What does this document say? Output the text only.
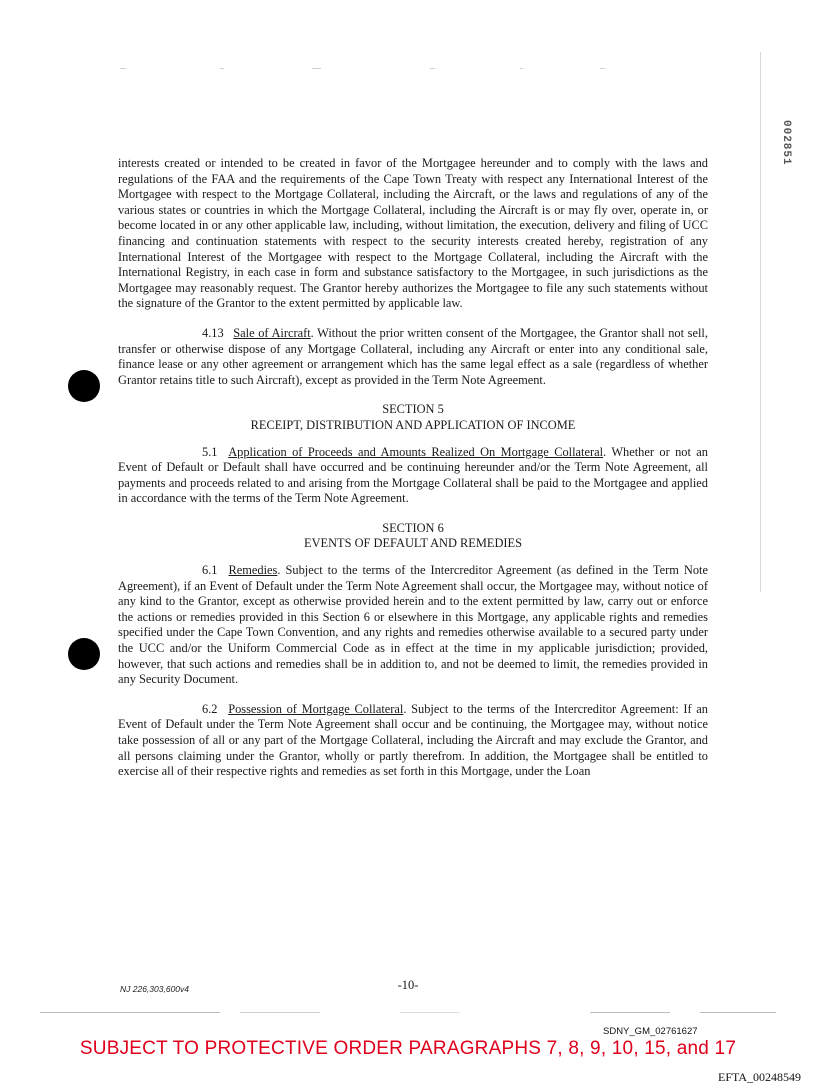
002851

interests created or intended to be created in favor of the Mortgagee hereunder and to comply with the laws and regulations of the FAA and the requirements of the Cape Town Treaty with respect any International Interest of the Mortgagee with respect to the Mortgage Collateral, including the Aircraft, or the laws and regulations of any of the various states or countries in which the Mortgage Collateral, including the Aircraft is or may fly over, operate in, or become located in or any other applicable law, including, without limitation, the execution, delivery and filing of UCC financing and continuation statements with respect to the security interests created hereby, registration of any International Interest of the Mortgagee with respect to the Mortgage Collateral, including the Aircraft with the International Registry, in each case in form and substance satisfactory to the Mortgagee, in such jurisdictions as the Mortgagee may reasonably request. The Grantor hereby authorizes the Mortgagee to file any such statements without the signature of the Grantor to the extent permitted by applicable law.

4.13 Sale of Aircraft. Without the prior written consent of the Mortgagee, the Grantor shall not sell, transfer or otherwise dispose of any Mortgage Collateral, including any Aircraft or enter into any conditional sale, finance lease or any other agreement or arrangement which has the same legal effect as a sale (regardless of whether Grantor retains title to such Aircraft), except as provided in the Term Note Agreement.

SECTION 5

RECEIPT, DISTRIBUTION AND APPLICATION OF INCOME

5.1 Application of Proceeds and Amounts Realized On Mortgage Collateral. Whether or not an Event of Default or Default shall have occurred and be continuing hereunder and/or the Term Note Agreement, all payments and proceeds related to and arising from the Mortgage Collateral shall be paid to the Mortgagee and applied in accordance with the terms of the Term Note Agreement.

SECTION 6

EVENTS OF DEFAULT AND REMEDIES

6.1 Remedies. Subject to the terms of the Intercreditor Agreement (as defined in the Term Note Agreement), if an Event of Default under the Term Note Agreement shall occur, the Mortgagee may, without notice of any kind to the Grantor, except as otherwise provided herein and to the extent permitted by law, carry out or enforce the actions or remedies provided in this Section 6 or elsewhere in this Mortgage, any applicable rights and remedies specified under the Cape Town Convention, and any rights and remedies otherwise available to a secured party under the UCC and/or the Uniform Commercial Code as in effect at the time in my applicable jurisdiction; provided, however, that such actions and remedies shall be in addition to, and not be deemed to limit, the remedies provided in any Security Document.

6.2 Possession of Mortgage Collateral. Subject to the terms of the Intercreditor Agreement: If an Event of Default under the Term Note Agreement shall occur and be continuing, the Mortgagee may, without notice take possession of all or any part of the Mortgage Collateral, including the Aircraft and may exclude the Grantor, and all persons claiming under the Grantor, wholly or partly therefrom. In addition, the Mortgagee shall be entitled to exercise all of their respective rights and remedies as set forth in this Mortgage, under the Loan

NJ 226,303,600v4	-10-
SDNY_GM_02761627
SUBJECT TO PROTECTIVE ORDER PARAGRAPHS 7, 8, 9, 10, 15, and 17
EFTA_00248549
